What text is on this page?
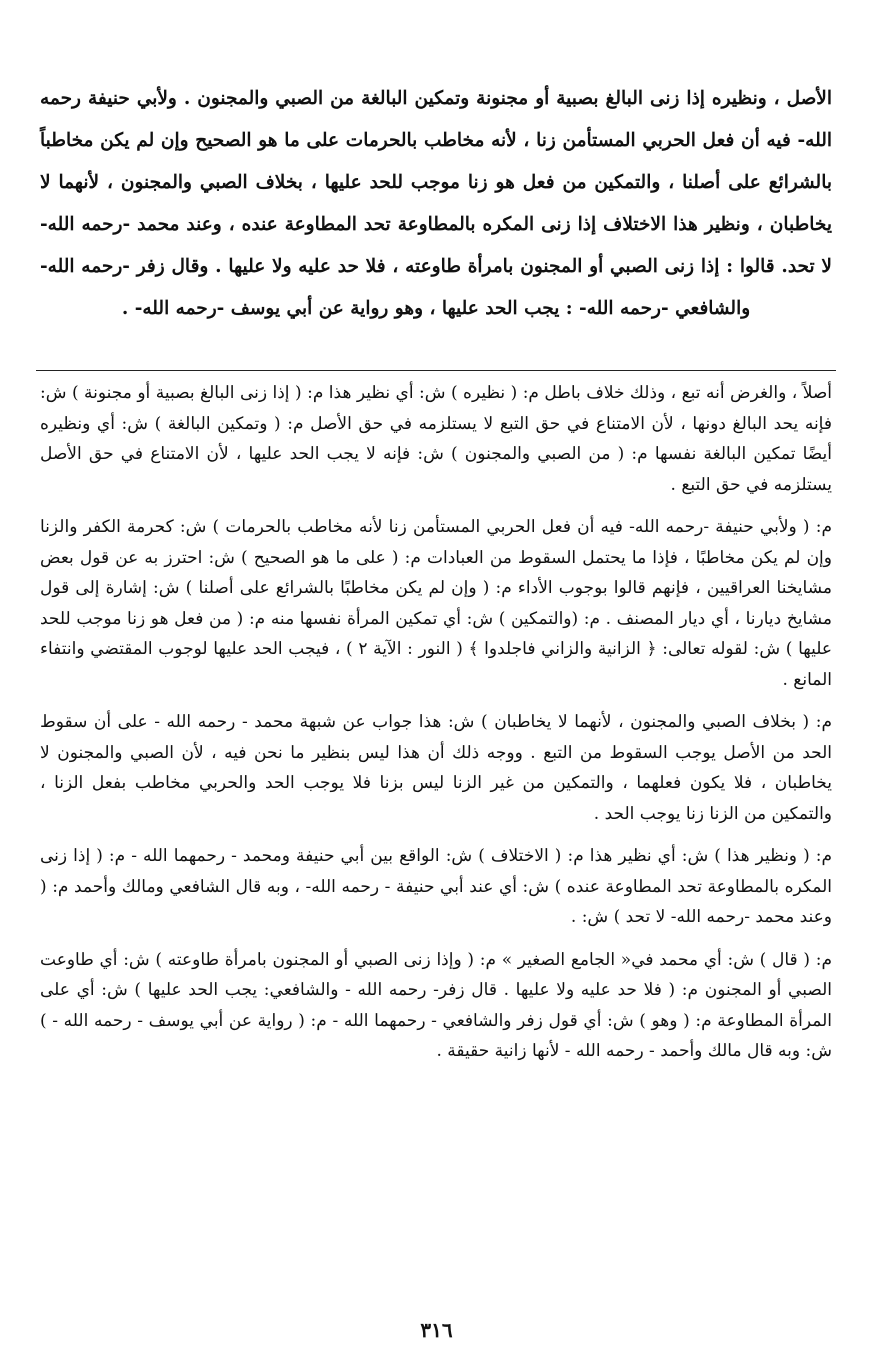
الأصل ، ونظيره إذا زنى البالغ بصبية أو مجنونة وتمكين البالغة من الصبي والمجنون . ولأبي حنيفة رحمه الله- فيه أن فعل الحربي المستأمن زنا ، لأنه مخاطب بالحرمات على ما هو الصحيح وإن لم يكن مخاطباً بالشرائع على أصلنا ، والتمكين من فعل هو زنا موجب للحد عليها ، بخلاف الصبي والمجنون ، لأنهما لا يخاطبان ، ونظير هذا الاختلاف إذا زنى المكره بالمطاوعة تحد المطاوعة عنده ، وعند محمد -رحمه الله- لا تحد. قالوا : إذا زنى الصبي أو المجنون بامرأة طاوعته ، فلا حد عليه ولا عليها . وقال زفر -رحمه الله- والشافعي -رحمه الله- : يجب الحد عليها ، وهو رواية عن أبي يوسف -رحمه الله- .

أصلاً ، والغرض أنه تبع ، وذلك خلاف باطل م: ( نظيره ) ش: أي نظير هذا م: ( إذا زنى البالغ بصبية أو مجنونة ) ش: فإنه يحد البالغ دونها ، لأن الامتناع في حق التبع لا يستلزمه في حق الأصل م: ( وتمكين البالغة ) ش: أي ونظيره أيضًا تمكين البالغة نفسها م: ( من الصبي والمجنون ) ش: فإنه لا يجب الحد عليها ، لأن الامتناع في حق الأصل يستلزمه في حق التبع .

م: ( ولأبي حنيفة -رحمه الله- فيه أن فعل الحربي المستأمن زنا لأنه مخاطب بالحرمات ) ش: كحرمة الكفر والزنا وإن لم يكن مخاطبًا ، فإذا ما يحتمل السقوط من العبادات م: ( على ما هو الصحيح ) ش: احترز به عن قول بعض مشايخنا العراقيين ، فإنهم قالوا بوجوب الأداء م: ( وإن لم يكن مخاطبًا بالشرائع على أصلنا ) ش: إشارة إلى قول مشايخ ديارنا ، أي ديار المصنف . م: (والتمكين ) ش: أي تمكين المرأة نفسها منه م: ( من فعل هو زنا موجب للحد عليها ) ش: لقوله تعالى: ﴿ الزانية والزاني فاجلدوا ﴾ ( النور : الآية ٢ ) ، فيجب الحد عليها لوجوب المقتضي وانتفاء المانع .

م: ( بخلاف الصبي والمجنون ، لأنهما لا يخاطبان ) ش: هذا جواب عن شبهة محمد - رحمه الله - على أن سقوط الحد من الأصل يوجب السقوط من التبع . ووجه ذلك أن هذا ليس بنظير ما نحن فيه ، لأن الصبي والمجنون لا يخاطبان ، فلا يكون فعلهما ، والتمكين من غير الزنا ليس بزنا فلا يوجب الحد والحربي مخاطب بفعل الزنا ، والتمكين من الزنا زنا يوجب الحد .

م: ( ونظير هذا ) ش: أي نظير هذا م: ( الاختلاف ) ش: الواقع بين أبي حنيفة ومحمد - رحمهما الله - م: ( إذا زنى المكره بالمطاوعة تحد المطاوعة عنده ) ش: أي عند أبي حنيفة - رحمه الله- ، وبه قال الشافعي ومالك وأحمد م: ( وعند محمد -رحمه الله- لا تحد ) ش: .

م: ( قال ) ش: أي محمد في« الجامع الصغير » م: ( وإذا زنى الصبي أو المجنون بامرأة طاوعته ) ش: أي طاوعت الصبي أو المجنون م: ( فلا حد عليه ولا عليها . قال زفر- رحمه الله - والشافعي: يجب الحد عليها ) ش: أي على المرأة المطاوعة م: ( وهو ) ش: أي قول زفر والشافعي - رحمهما الله - م: ( رواية عن أبي يوسف - رحمه الله - ) ش: وبه قال مالك وأحمد - رحمه الله - لأنها زانية حقيقة .

٣١٦
